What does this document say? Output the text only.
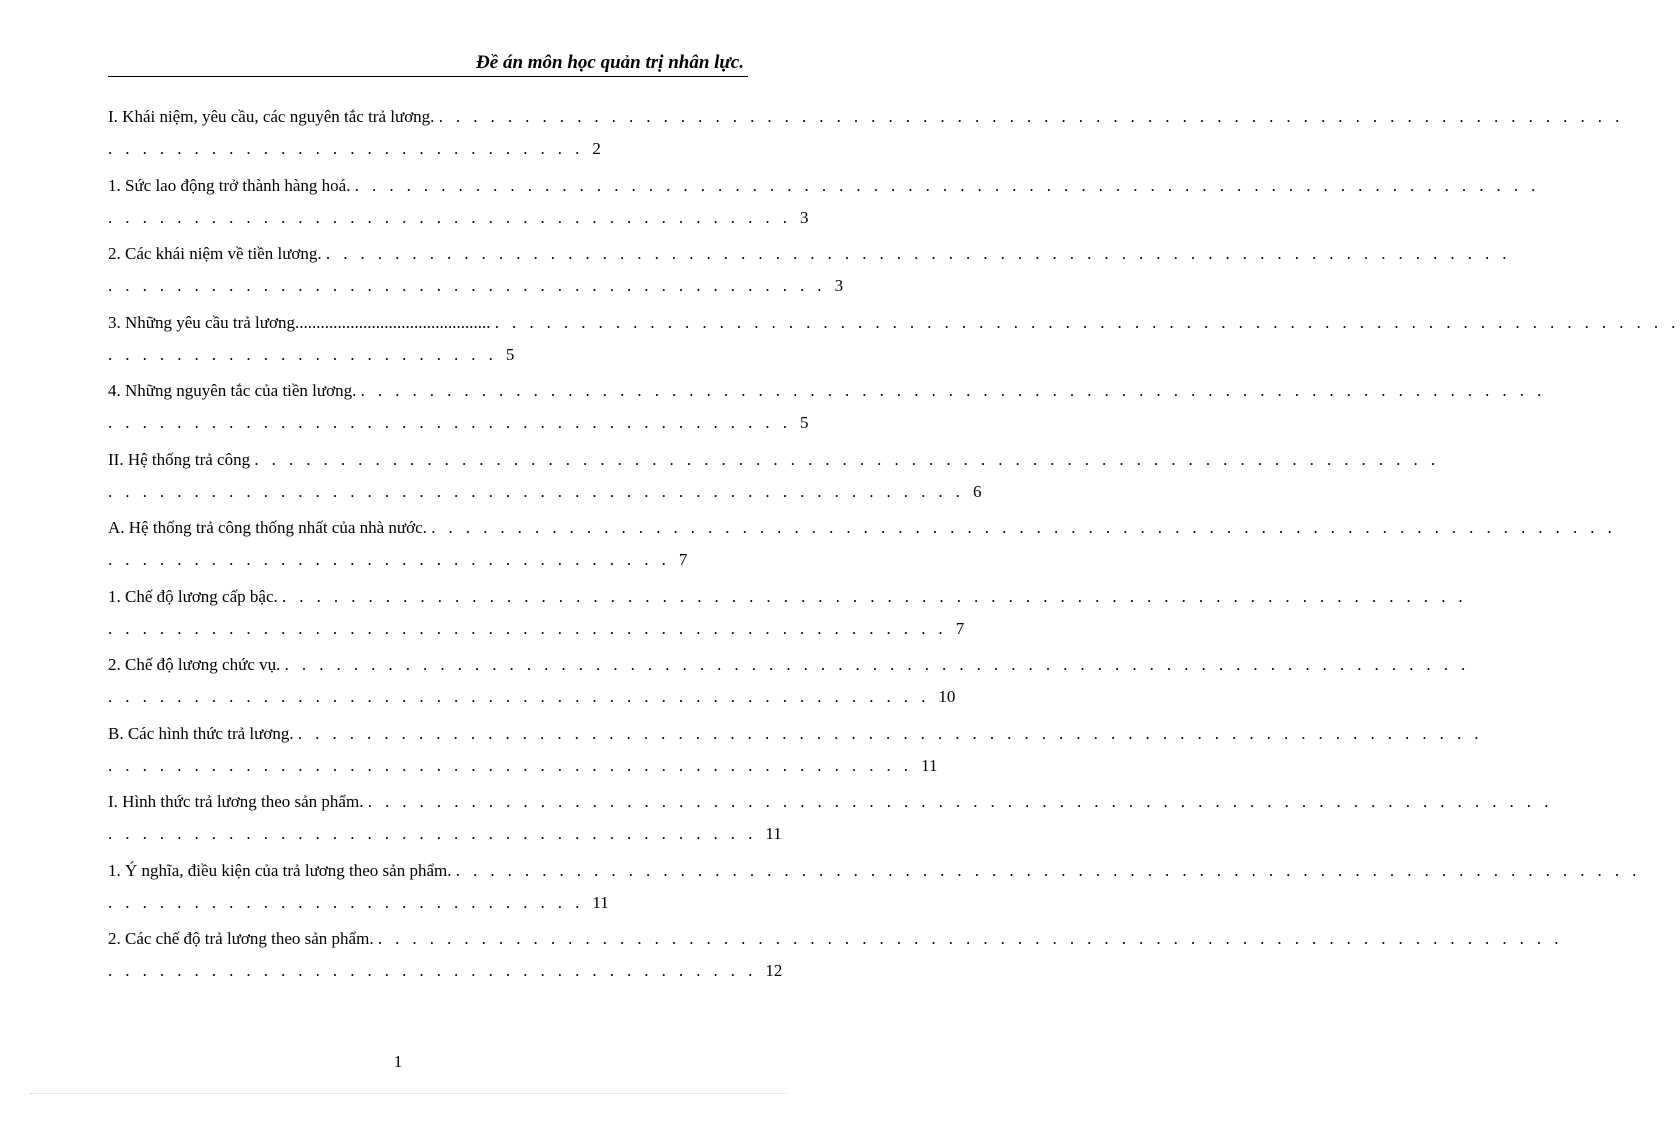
Đề án môn học quản trị nhân lực.
I. Khái niệm, yêu cầu, các nguyên tắc trả lương. . . . . . . . . . . . . . . . . . . . . . . . . . . . . . . . . . . . . . . . . . . . . . . . . . . . . . . . . . . . . . . . . . . . . .
. . . . . . . . . . . . . . . . . . . . . . . . . . . . 2
1. Sức lao động trở thành hàng hoá. . . . . . . . . . . . . . . . . . . . . . . . . . . . . . . . . . . . . . . . . . . . . . . . . . . . . . . . . . . . . . . . . . . . . .
. . . . . . . . . . . . . . . . . . . . . . . . . . . . . . . . . . . . . . . . 3
2. Các khái niệm về tiền lương. . . . . . . . . . . . . . . . . . . . . . . . . . . . . . . . . . . . . . . . . . . . . . . . . . . . . . . . . . . . . . . . . . . . . .
. . . . . . . . . . . . . . . . . . . . . . . . . . . . . . . . . . . . . . . . . . 3
3. Những yêu cầu trả lương.............................................. . . . . . . . . . . . . . . . . . . . . . . . . . . . . . . . . . . . . . . . . . . . . . . . . . . . . . . . . . . . . . . . . . . . . .
. . . . . . . . . . . . . . . . . . . . . . . 5
4. Những nguyên tắc của tiền lương. . . . . . . . . . . . . . . . . . . . . . . . . . . . . . . . . . . . . . . . . . . . . . . . . . . . . . . . . . . . . . . . . . . . . .
. . . . . . . . . . . . . . . . . . . . . . . . . . . . . . . . . . . . . . . . 5
II. Hệ thống trả công . . . . . . . . . . . . . . . . . . . . . . . . . . . . . . . . . . . . . . . . . . . . . . . . . . . . . . . . . . . . . . . . . . . . .
. . . . . . . . . . . . . . . . . . . . . . . . . . . . . . . . . . . . . . . . . . . . . . . . . . 6
A. Hệ thống trả công thống nhất của nhà nước. . . . . . . . . . . . . . . . . . . . . . . . . . . . . . . . . . . . . . . . . . . . . . . . . . . . . . . . . . . . . . . . . . . . . .
. . . . . . . . . . . . . . . . . . . . . . . . . . . . . . . . . 7
1. Chế độ lương cấp bậc. . . . . . . . . . . . . . . . . . . . . . . . . . . . . . . . . . . . . . . . . . . . . . . . . . . . . . . . . . . . . . . . . . . . . .
. . . . . . . . . . . . . . . . . . . . . . . . . . . . . . . . . . . . . . . . . . . . . . . . . 7
2. Chế độ lương chức vụ. . . . . . . . . . . . . . . . . . . . . . . . . . . . . . . . . . . . . . . . . . . . . . . . . . . . . . . . . . . . . . . . . . . . . .
. . . . . . . . . . . . . . . . . . . . . . . . . . . . . . . . . . . . . . . . . . . . . . . . 10
B. Các hình thức trả lương. . . . . . . . . . . . . . . . . . . . . . . . . . . . . . . . . . . . . . . . . . . . . . . . . . . . . . . . . . . . . . . . . . . . . .
. . . . . . . . . . . . . . . . . . . . . . . . . . . . . . . . . . . . . . . . . . . . . . . 11
I. Hình thức trả lương theo sản phẩm. . . . . . . . . . . . . . . . . . . . . . . . . . . . . . . . . . . . . . . . . . . . . . . . . . . . . . . . . . . . . . . . . . . . . .
. . . . . . . . . . . . . . . . . . . . . . . . . . . . . . . . . . . . . . 11
1. Ý nghĩa, điều kiện của trả lương theo sản phẩm. . . . . . . . . . . . . . . . . . . . . . . . . . . . . . . . . . . . . . . . . . . . . . . . . . . . . . . . . . . . . . . . . . . . . .
. . . . . . . . . . . . . . . . . . . . . . . . . . . . 11
2. Các chế độ trả lương theo sản phẩm. . . . . . . . . . . . . . . . . . . . . . . . . . . . . . . . . . . . . . . . . . . . . . . . . . . . . . . . . . . . . . . . . . . . . .
. . . . . . . . . . . . . . . . . . . . . . . . . . . . . . . . . . . . . . 12
1
